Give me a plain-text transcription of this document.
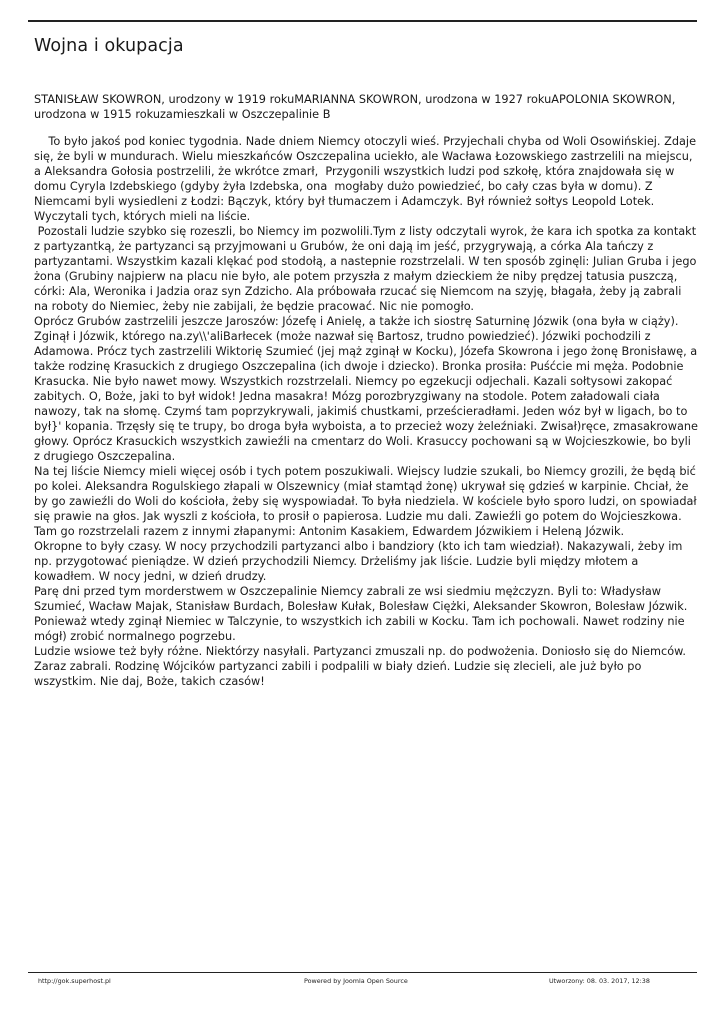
Wojna i okupacja

STANISŁAW SKOWRON, urodzony w 1919 rokuMARIANNA SKOWRON, urodzona w 1927 rokuAPOLONIA SKOWRON, urodzona w 1915 rokuzamieszkali w Oszczepalinie B

To było jakoś pod koniec tygodnia. Nade dniem Niemcy otoczyli wieś. Przyjechali chyba od Woli Osowińskiej. Zdaje się, że byli w mundurach. Wielu mieszkańców Oszczepalina uciekło, ale Wacława Łozowskiego zastrzelili na miejscu, a Aleksandra Gołosia postrzelili, że wkrótce zmarł,  Przygonili wszystkich ludzi pod szkołę, która znajdowała się w domu Cyryla Izdebskiego (gdyby żyła Izdebska, ona  mogłaby dużo powiedzieć, bo cały czas była w domu). Z Niemcami byli wysiedleni z Łodzi: Bączyk, który był tłumaczem i Adamczyk. Był również sołtys Leopold Lotek. Wyczytali tych, których mieli na liście.

Pozostali ludzie szybko się rozeszli, bo Niemcy im pozwolili.Tym z listy odczytali wyrok, że kara ich spotka za kontakt z partyzantką, że partyzanci są przyjmowani u Grubów, że oni dają im jeść, przygrywają, a córka Ala tańczy z partyzantami. Wszystkim kazali klękać pod stodołą, a nastepnie rozstrzelali. W ten sposób zginęli: Julian Gruba i jego żona (Grubiny najpierw na placu nie było, ale potem przyszła z małym dzieckiem że niby prędzej tatusia puszczą, córki: Ala, Weronika i Jadzia oraz syn Zdzicho. Ala próbowała rzucać się Niemcom na szyję, błagała, żeby ją zabrali na roboty do Niemiec, żeby nie zabijali, że będzie pracować. Nic nie pomogło.

Oprócz Grubów zastrzelili jeszcze Jaroszów: Józefę i Anielę, a także ich siostrę Saturninę Józwik (ona była w ciąży). Zginął i Józwik, którego na.zy\\'aliBarłecek (może nazwał się Bartosz, trudno powiedzieć). Józwiki pochodzili z Adamowa. Prócz tych zastrzelili Wiktorię Szumieć (jej mąż zginął w Kocku), Józefa Skowrona i jego żonę Bronisławę, a także rodzinę Krasuckich z drugiego Oszczepalina (ich dwoje i dziecko). Bronka prosiła: Puśćcie mi męża. Podobnie Krasucka. Nie było nawet mowy. Wszystkich rozstrzelali. Niemcy po egzekucji odjechali. Kazali sołtysowi zakopać zabitych. O, Boże, jaki to był widok! Jedna masakra! Mózg porozbryzgiwany na stodole. Potem załadowali ciała nawozy, tak na słomę. Czymś tam poprzykrywali, jakimiś chustkami, prześcieradłami. Jeden wóz był w ligach, bo to był}' kopania. Trzęsły się te trupy, bo droga była wyboista, a to przecież wozy żeleźniaki. Zwisał)ręce, zmasakrowane głowy. Oprócz Krasuckich wszystkich zawieźli na cmentarz do Woli. Krasuccy pochowani są w Wojcieszkowie, bo byli z drugiego Oszczepalina.

Na tej liście Niemcy mieli więcej osób i tych potem poszukiwali. Wiejscy ludzie szukali, bo Niemcy grozili, że będą bić po kolei. Aleksandra Rogulskiego złapali w Olszewnicy (miał stamtąd żonę) ukrywał się gdzieś w karpinie. Chciał, że by go zawieźli do Woli do kościoła, żeby się wyspowiadał. To była niedziela. W kościele było sporo ludzi, on spowiadał się prawie na głos. Jak wyszli z kościoła, to prosił o papierosa. Ludzie mu dali. Zawieźli go potem do Wojcieszkowa. Tam go rozstrzelali razem z innymi złapanymi: Antonim Kasakiem, Edwardem Józwikiem i Heleną Józwik.

Okropne to były czasy. W nocy przychodzili partyzanci albo i bandziory (kto ich tam wiedział). Nakazywali, żeby im np. przygotować pieniądze. W dzień przychodzili Niemcy. Drżeliśmy jak liście. Ludzie byli między młotem a kowadłem. W nocy jedni, w dzień drudzy.

Parę dni przed tym morderstwem w Oszczepalinie Niemcy zabrali ze wsi siedmiu mężczyzn. Byli to: Władysław Szumieć, Wacław Majak, Stanisław Burdach, Bolesław Kułak, Bolesław Ciężki, Aleksander Skowron, Bolesław Józwik. Ponieważ wtedy zginął Niemiec w Talczynie, to wszystkich ich zabili w Kocku. Tam ich pochowali. Nawet rodziny nie mógł) zrobić normalnego pogrzebu.

Ludzie wsiowe też były różne. Niektórzy nasyłali. Partyzanci zmuszali np. do podwożenia. Doniosło się do Niemców. Zaraz zabrali. Rodzinę Wójcików partyzanci zabili i podpalili w biały dzień. Ludzie się zlecieli, ale już było po wszystkim. Nie daj, Boże, takich czasów!

http://gok.superhost.pl	Powered by Joomla Open Source	Utworzony: 08. 03. 2017, 12:38
